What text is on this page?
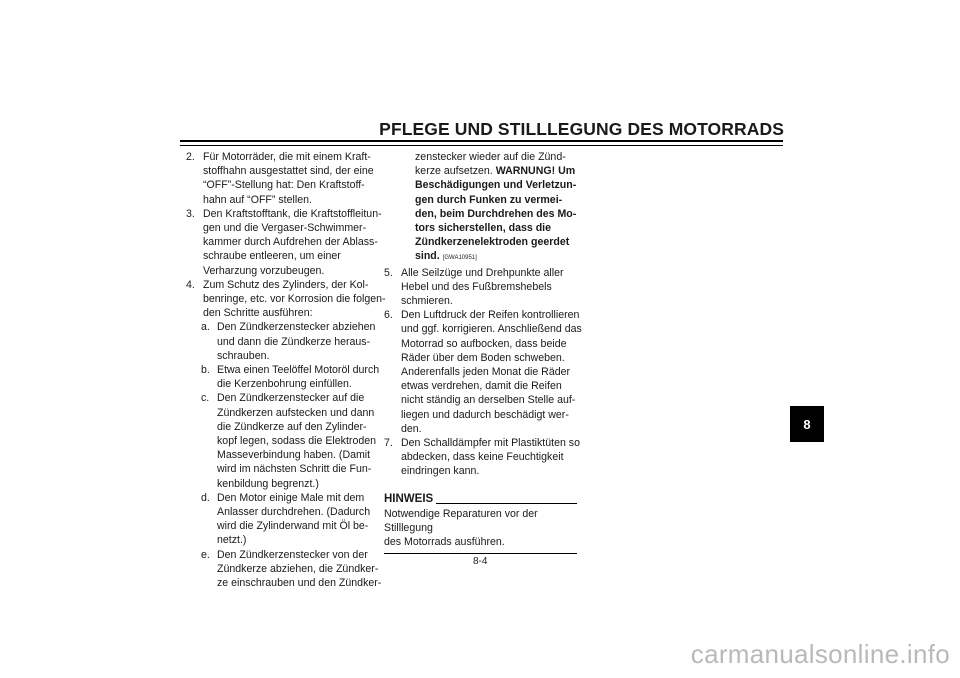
PFLEGE UND STILLLEGUNG DES MOTORRADS
2. Für Motorräder, die mit einem Kraft-
stoffhahn ausgestattet sind, der eine
“OFF”-Stellung hat: Den Kraftstoff-
hahn auf “OFF” stellen.
3. Den Kraftstofftank, die Kraftstoffleitun-
gen und die Vergaser-Schwimmer-
kammer durch Aufdrehen der Ablass-
schraube entleeren, um einer
Verharzung vorzubeugen.
4. Zum Schutz des Zylinders, der Kol-
benringe, etc. vor Korrosion die folgen-
den Schritte ausführen:
a. Den Zündkerzenstecker abziehen
und dann die Zündkerze heraus-
schrauben.
b. Etwa einen Teelöffel Motoröl durch
die Kerzenbohrung einfüllen.
c. Den Zündkerzenstecker auf die
Zündkerzen aufstecken und dann
die Zündkerze auf den Zylinder-
kopf legen, sodass die Elektroden
Masseverbindung haben. (Damit
wird im nächsten Schritt die Fun-
kenbildung begrenzt.)
d. Den Motor einige Male mit dem
Anlasser durchdrehen. (Dadurch
wird die Zylinderwand mit Öl be-
netzt.)
e. Den Zündkerzenstecker von der
Zündkerze abziehen, die Zündker-
ze einschrauben und den Zündker-
zenstecker wieder auf die Zünd-
kerze aufsetzen. WARNUNG! Um
Beschädigungen und Verletzun-
gen durch Funken zu vermei-
den, beim Durchdrehen des Mo-
tors sicherstellen, dass die
Zündkerzenelektroden geerdet
sind. [GWA10951]
5. Alle Seilzüge und Drehpunkte aller
Hebel und des Fußbremshebels
schmieren.
6. Den Luftdruck der Reifen kontrollieren
und ggf. korrigieren. Anschließend das
Motorrad so aufbocken, dass beide
Räder über dem Boden schweben.
Anderenfalls jeden Monat die Räder
etwas verdrehen, damit die Reifen
nicht ständig an derselben Stelle auf-
liegen und dadurch beschädigt wer-
den.
7. Den Schalldämpfer mit Plastiktüten so
abdecken, dass keine Feuchtigkeit
eindringen kann.
HINWEIS
Notwendige Reparaturen vor der Stilllegung
des Motorrads ausführen.
8-4
8
carmanualsonline.info
